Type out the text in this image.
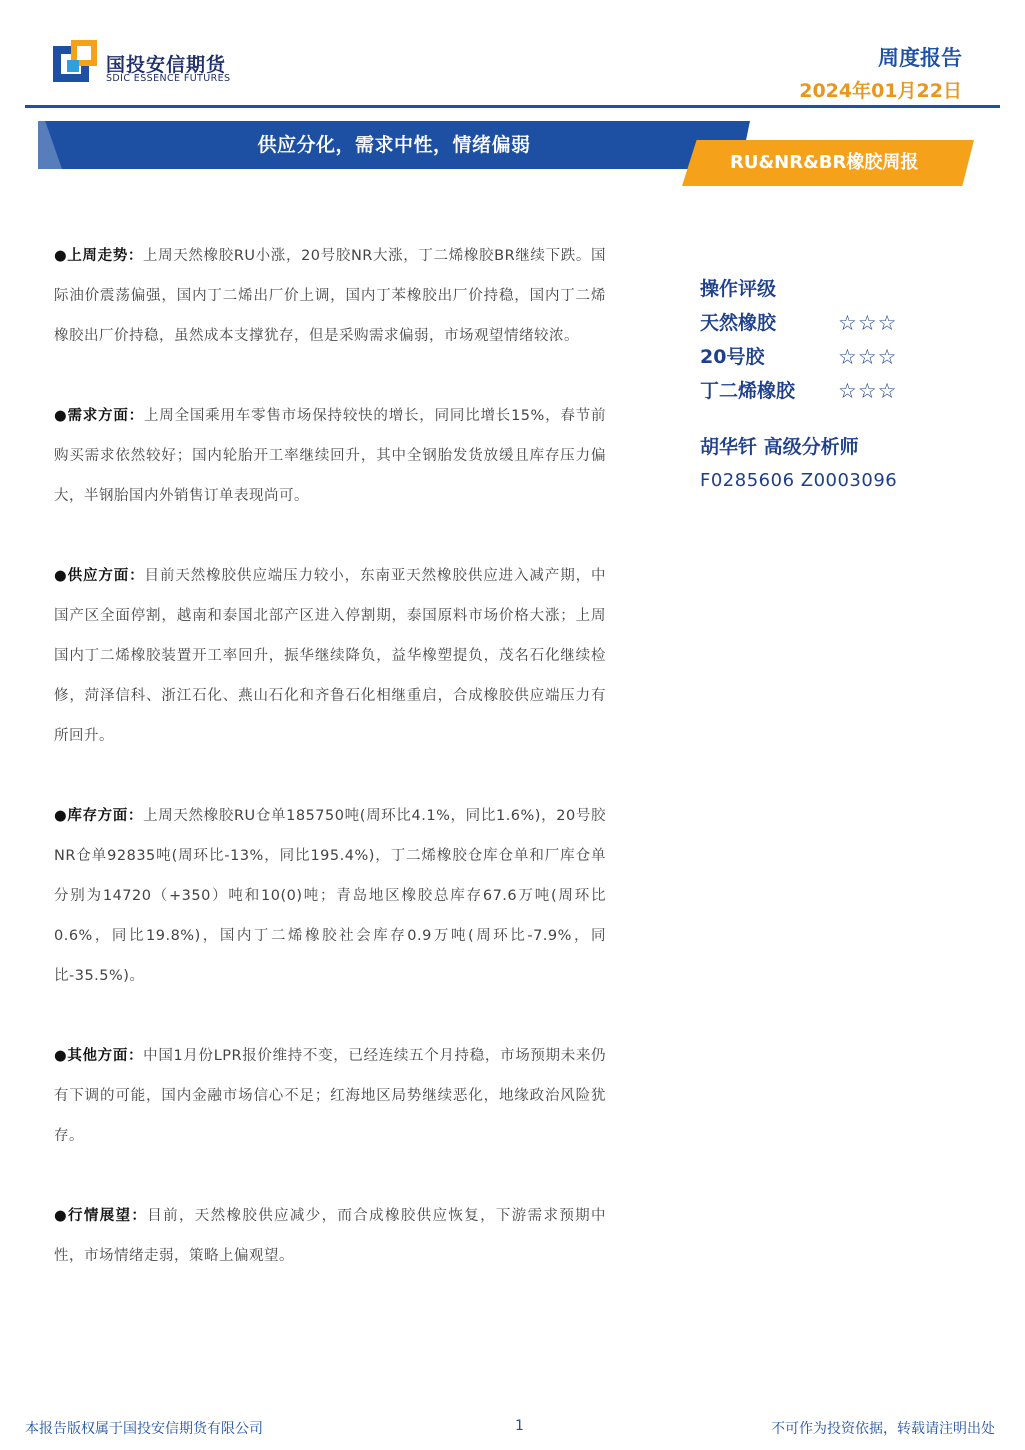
国投安信期货
SDIC ESSENCE FUTURES
周度报告
2024年01月22日
供应分化，需求中性，情绪偏弱
RU&NR&BR橡胶周报

●上周走势：上周天然橡胶RU小涨，20号胶NR大涨，丁二烯橡胶BR继续下跌。国际油价震荡偏强，国内丁二烯出厂价上调，国内丁苯橡胶出厂价持稳，国内丁二烯橡胶出厂价持稳，虽然成本支撑犹存，但是采购需求偏弱，市场观望情绪较浓。

●需求方面：上周全国乘用车零售市场保持较快的增长，同同比增长15%，春节前购买需求依然较好；国内轮胎开工率继续回升，其中全钢胎发货放缓且库存压力偏大，半钢胎国内外销售订单表现尚可。

●供应方面：目前天然橡胶供应端压力较小，东南亚天然橡胶供应进入减产期，中国产区全面停割，越南和泰国北部产区进入停割期，泰国原料市场价格大涨；上周国内丁二烯橡胶装置开工率回升，振华继续降负，益华橡塑提负，茂名石化继续检修，菏泽信科、浙江石化、燕山石化和齐鲁石化相继重启，合成橡胶供应端压力有所回升。

●库存方面：上周天然橡胶RU仓单185750吨(周环比4.1%，同比1.6%)，20号胶NR仓单92835吨(周环比-13%，同比195.4%)，丁二烯橡胶仓库仓单和厂库仓单分别为14720（+350）吨和10(0)吨；青岛地区橡胶总库存67.6万吨(周环比0.6%，同比19.8%)，国内丁二烯橡胶社会库存0.9万吨(周环比-7.9%，同比-35.5%)。

●其他方面：中国1月份LPR报价维持不变，已经连续五个月持稳，市场预期未来仍有下调的可能，国内金融市场信心不足；红海地区局势继续恶化，地缘政治风险犹存。

●行情展望：目前，天然橡胶供应减少，而合成橡胶供应恢复，下游需求预期中性，市场情绪走弱，策略上偏观望。

操作评级
天然橡胶	☆☆☆
20号胶	☆☆☆
丁二烯橡胶 ☆☆☆
胡华钎 高级分析师
F0285606 Z0003096
本报告版权属于国投安信期货有限公司	1	不可作为投资依据，转载请注明出处
